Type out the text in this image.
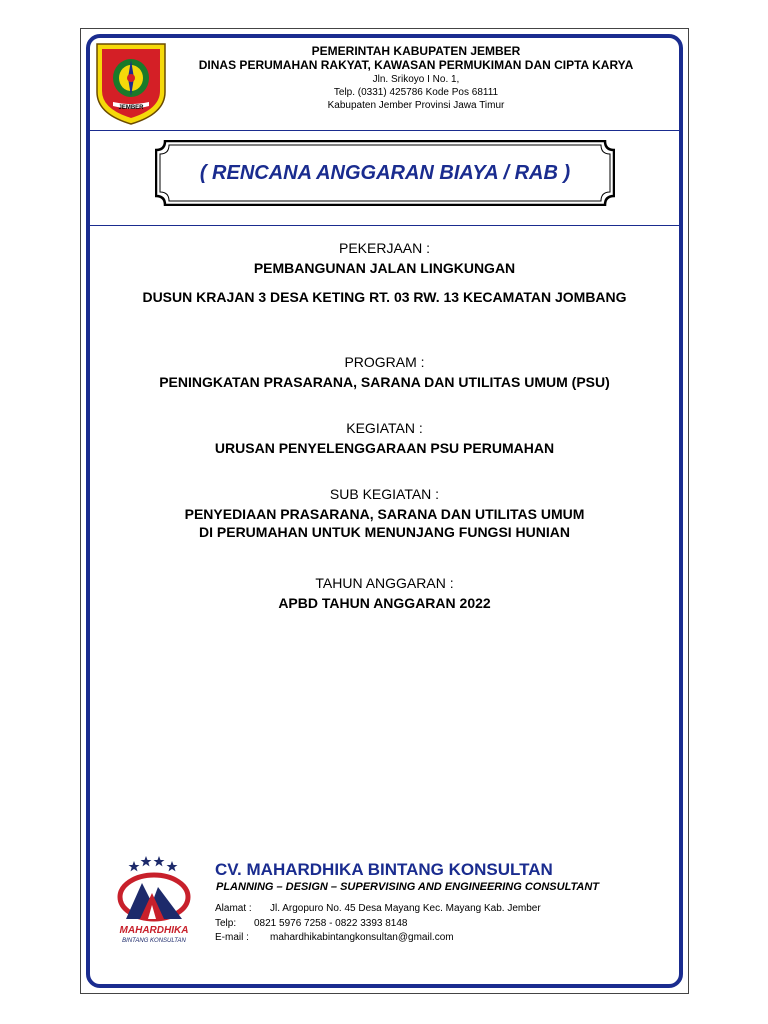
JEMBER
PEMERINTAH KABUPATEN JEMBER
DINAS PERUMAHAN RAKYAT, KAWASAN PERMUKIMAN DAN CIPTA KARYA
Jln. Srikoyo I No. 1,
Telp. (0331) 425786 Kode Pos 68111
Kabupaten Jember Provinsi Jawa Timur
( RENCANA ANGGARAN BIAYA / RAB )
PEKERJAAN :
PEMBANGUNAN JALAN LINGKUNGAN
DUSUN KRAJAN 3 DESA KETING RT. 03 RW. 13 KECAMATAN JOMBANG
PROGRAM :
PENINGKATAN PRASARANA, SARANA DAN UTILITAS UMUM (PSU)
KEGIATAN :
URUSAN PENYELENGGARAAN PSU PERUMAHAN
SUB KEGIATAN :
PENYEDIAAN PRASARANA, SARANA DAN UTILITAS UMUM
DI PERUMAHAN UNTUK MENUNJANG FUNGSI HUNIAN
TAHUN ANGGARAN :
APBD TAHUN ANGGARAN 2022
MAHARDHIKA
BINTANG KONSULTAN
CV. MAHARDHIKA BINTANG KONSULTAN
PLANNING – DESIGN – SUPERVISING AND ENGINEERING CONSULTANT
Alamat :	Jl. Argopuro No. 45 Desa Mayang Kec. Mayang Kab. Jember
Telp:	0821 5976 7258 - 0822 3393 8148
E-mail :	mahardhikabintangkonsultan@gmail.com
